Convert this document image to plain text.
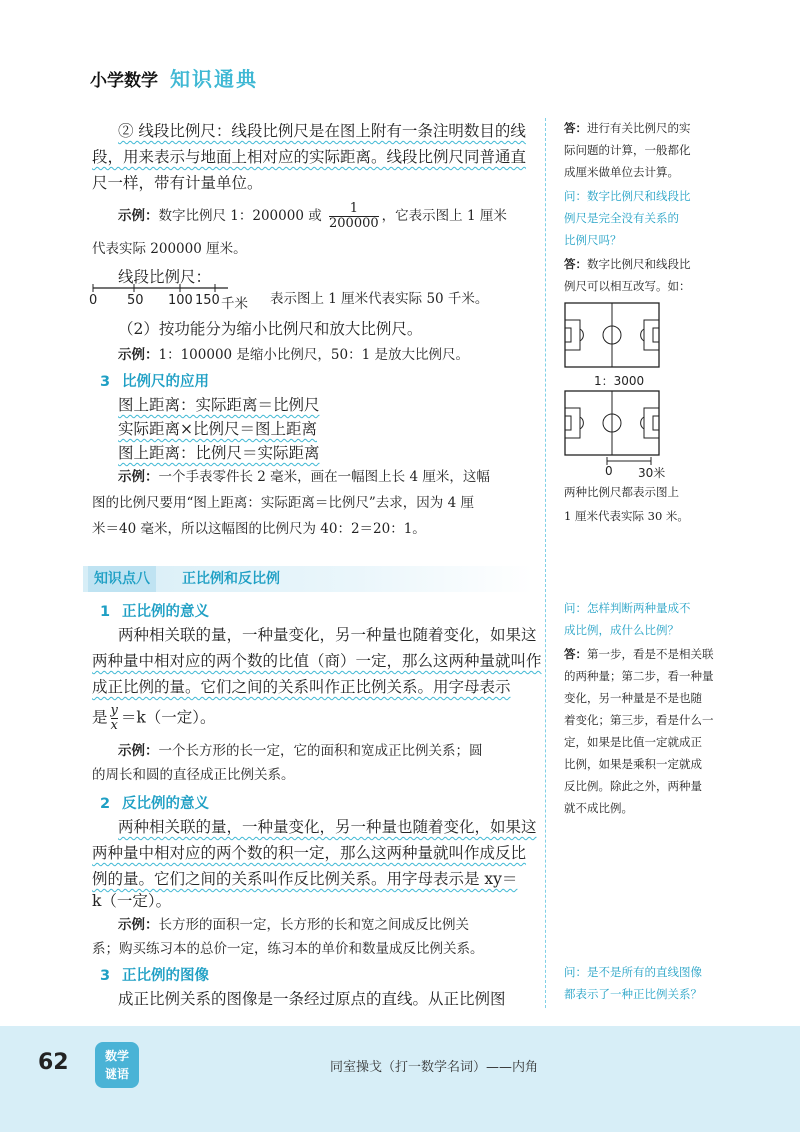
小学数学 知识通典
② 线段比例尺：线段比例尺是在图上附有一条注明数目的线
段，用来表示与地面上相对应的实际距离。线段比例尺同普通直
尺一样，带有计量单位。
示例：数字比例尺 1：200000 或 $\frac{1}{200000}$ ，它表示图上 1 厘米
代表实际 200000 厘米。
线段比例尺：
0 50 100 150 千米 表示图上 1 厘米代表实际 50 千米。
（2）按功能分为缩小比例尺和放大比例尺。
示例：1：100000 是缩小比例尺，50：1 是放大比例尺。
3 比例尺的应用
图上距离：实际距离＝比例尺
实际距离×比例尺＝图上距离
图上距离：比例尺＝实际距离
示例：一个手表零件长 2 毫米，画在一幅图上长 4 厘米，这幅
图的比例尺要用“图上距离：实际距离＝比例尺”去求，因为 4 厘
米＝40 毫米，所以这幅图的比例尺为 40：2＝20：1。
知识点八	正比例和反比例
1 正比例的意义
两种相关联的量，一种量变化，另一种量也随着变化，如果这
两种量中相对应的两个数的比值（商）一定，那么这两种量就叫作
成正比例的量。它们之间的关系叫作正比例关系。用字母表示
是 $\frac{y}{x} =k$（一定）。
示例：一个长方形的长一定，它的面积和宽成正比例关系；圆
的周长和圆的直径成正比例关系。
2 反比例的意义
两种相关联的量，一种量变化，另一种量也随着变化，如果这
两种量中相对应的两个数的积一定，那么这两种量就叫作成反比
例的量。它们之间的关系叫作反比例关系。用字母表示是 xy＝
k（一定）。
示例：长方形的面积一定，长方形的长和宽之间成反比例关
系；购买练习本的总价一定，练习本的单价和数量成反比例关系。
3 正比例的图像
成正比例关系的图像是一条经过原点的直线。从正比例图
答：进行有关比例尺的实
际问题的计算，一般都化
成厘米做单位去计算。
问：数字比例尺和线段比
例尺是完全没有关系的
比例尺吗？
答：数字比例尺和线段比
例尺可以相互改写。如：
1：3000
0 30米
两种比例尺都表示图上
1 厘米代表实际 30 米。
问：怎样判断两种量成不
成比例，成什么比例？
答：第一步，看是不是相关联
的两种量；第二步，看一种量
变化，另一种量是不是也随
着变化；第三步，看是什么一
定，如果是比值一定就成正
比例，如果是乘积一定就成
反比例。除此之外，两种量
就不成比例。
问：是不是所有的直线图像
都表示了一种正比例关系？
62	数学
谜语	同室操戈（打一数学名词）——内角
